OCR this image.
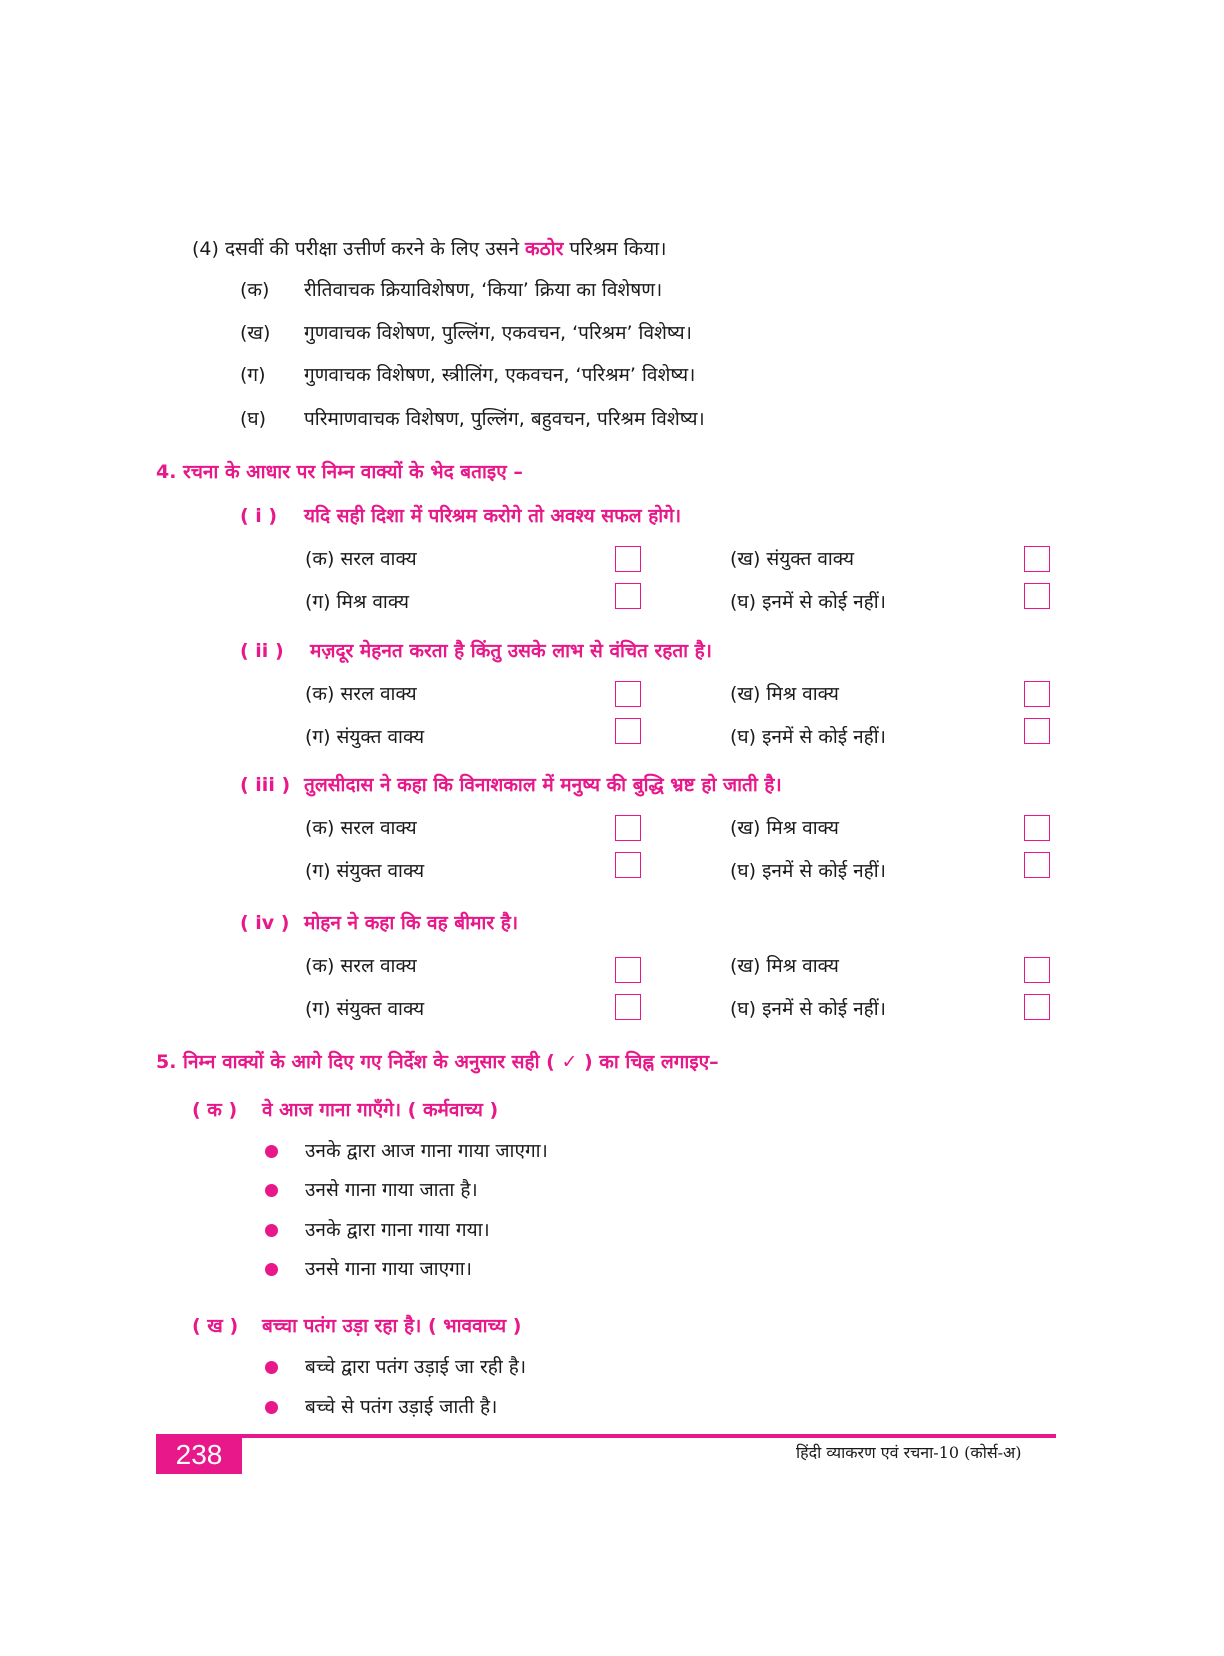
(4) दसवीं की परीक्षा उत्तीर्ण करने के लिए उसने कठोर परिश्रम किया।
(क) रीतिवाचक क्रियाविशेषण, ‘किया’ क्रिया का विशेषण।
(ख) गुणवाचक विशेषण, पुल्लिंग, एकवचन, ‘परिश्रम’ विशेष्य।
(ग) गुणवाचक विशेषण, स्त्रीलिंग, एकवचन, ‘परिश्रम’ विशेष्य।
(घ) परिमाणवाचक विशेषण, पुल्लिंग, बहुवचन, परिश्रम विशेष्य।
4. रचना के आधार पर निम्न वाक्यों के भेद बताइए –
( i ) यदि सही दिशा में परिश्रम करोगे तो अवश्य सफल होगे।
(क) सरल वाक्य	(ख) संयुक्त वाक्य
(ग) मिश्र वाक्य	(घ) इनमें से कोई नहीं।
( ii ) मज़दूर मेहनत करता है किंतु उसके लाभ से वंचित रहता है।
(क) सरल वाक्य	(ख) मिश्र वाक्य
(ग) संयुक्त वाक्य	(घ) इनमें से कोई नहीं।
( iii ) तुलसीदास ने कहा कि विनाशकाल में मनुष्य की बुद्धि भ्रष्ट हो जाती है।
(क) सरल वाक्य	(ख) मिश्र वाक्य
(ग) संयुक्त वाक्य	(घ) इनमें से कोई नहीं।
( iv ) मोहन ने कहा कि वह बीमार है।
(क) सरल वाक्य	(ख) मिश्र वाक्य
(ग) संयुक्त वाक्य	(घ) इनमें से कोई नहीं।
5. निम्न वाक्यों के आगे दिए गए निर्देश के अनुसार सही ( ✓ ) का चिह्न लगाइए–
( क ) वे आज गाना गाएँगे। ( कर्मवाच्य )
उनके द्वारा आज गाना गाया जाएगा।
उनसे गाना गाया जाता है।
उनके द्वारा गाना गाया गया।
उनसे गाना गाया जाएगा।
( ख ) बच्चा पतंग उड़ा रहा है। ( भाववाच्य )
बच्चे द्वारा पतंग उड़ाई जा रही है।
बच्चे से पतंग उड़ाई जाती है।
238	हिंदी व्याकरण एवं रचना-10 (कोर्स-अ)
